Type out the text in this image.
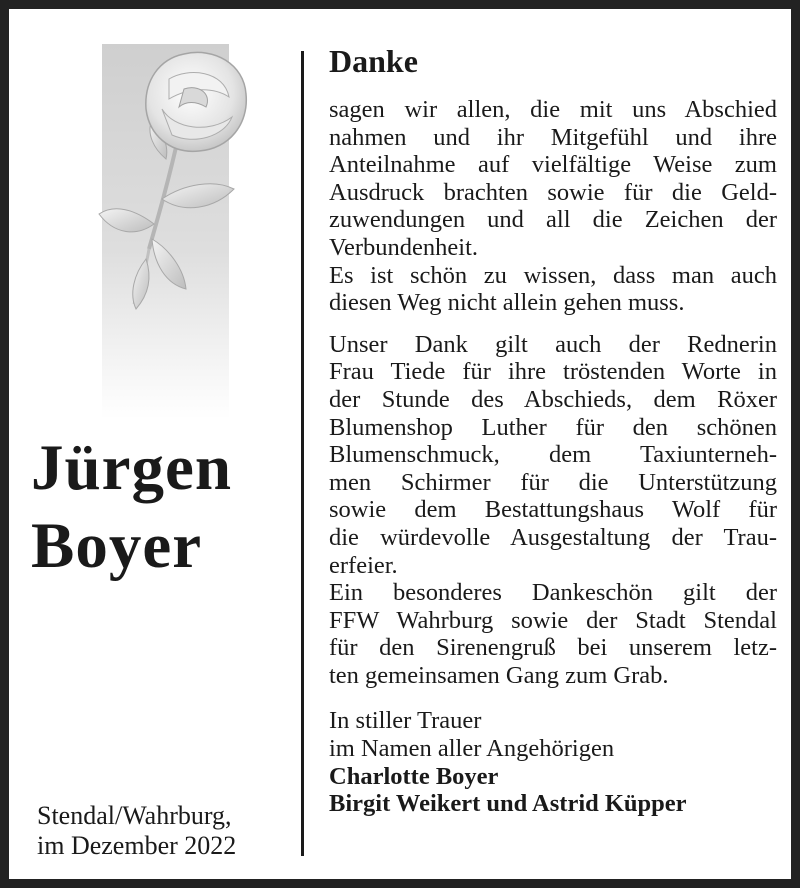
Jürgen
Boyer
Stendal/Wahrburg,
im Dezember 2022
Danke
sagen wir allen, die mit uns Abschied
nahmen und ihr Mitgefühl und ihre
Anteilnahme auf vielfältige Weise zum
Ausdruck brachten sowie für die Geld-
zuwendungen und all die Zeichen der
Verbundenheit.
Es ist schön zu wissen, dass man auch
diesen Weg nicht allein gehen muss.
Unser Dank gilt auch der Rednerin
Frau Tiede für ihre tröstenden Worte in
der Stunde des Abschieds, dem Röxer
Blumenshop Luther für den schönen
Blumenschmuck, dem Taxiunterneh-
men Schirmer für die Unterstützung
sowie dem Bestattungshaus Wolf für
die würdevolle Ausgestaltung der Trau-
erfeier.
Ein besonderes Dankeschön gilt der
FFW Wahrburg sowie der Stadt Stendal
für den Sirenengruß bei unserem letz-
ten gemeinsamen Gang zum Grab.
In stiller Trauer
im Namen aller Angehörigen
Charlotte Boyer
Birgit Weikert und Astrid Küpper
